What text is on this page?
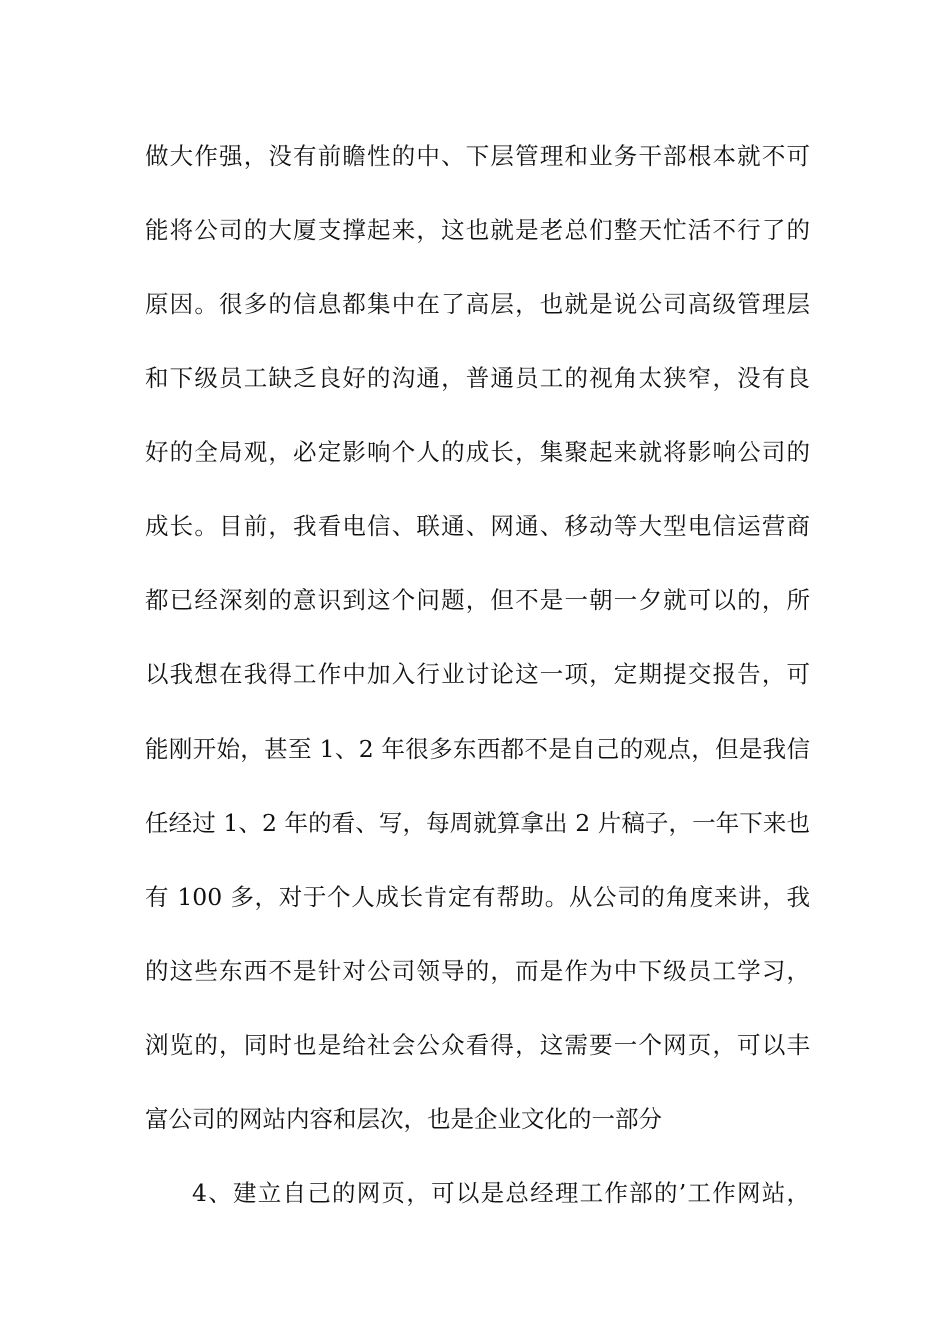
做大作强，没有前瞻性的中、下层管理和业务干部根本就不可
能将公司的大厦支撑起来，这也就是老总们整天忙活不行了的
原因。很多的信息都集中在了高层，也就是说公司高级管理层
和下级员工缺乏良好的沟通，普通员工的视角太狭窄，没有良
好的全局观，必定影响个人的成长，集聚起来就将影响公司的
成长。目前，我看电信、联通、网通、移动等大型电信运营商
都已经深刻的意识到这个问题，但不是一朝一夕就可以的，所
以我想在我得工作中加入行业讨论这一项，定期提交报告，可
能刚开始，甚至 1、2 年很多东西都不是自己的观点，但是我信
任经过 1、2 年的看、写，每周就算拿出 2 片稿子，一年下来也
有 100 多，对于个人成长肯定有帮助。从公司的角度来讲，我
的这些东西不是针对公司领导的，而是作为中下级员工学习，
浏览的，同时也是给社会公众看得，这需要一个网页，可以丰
富公司的网站内容和层次，也是企业文化的一部分
4、建立自己的网页，可以是总经理工作部的’工作网站，
